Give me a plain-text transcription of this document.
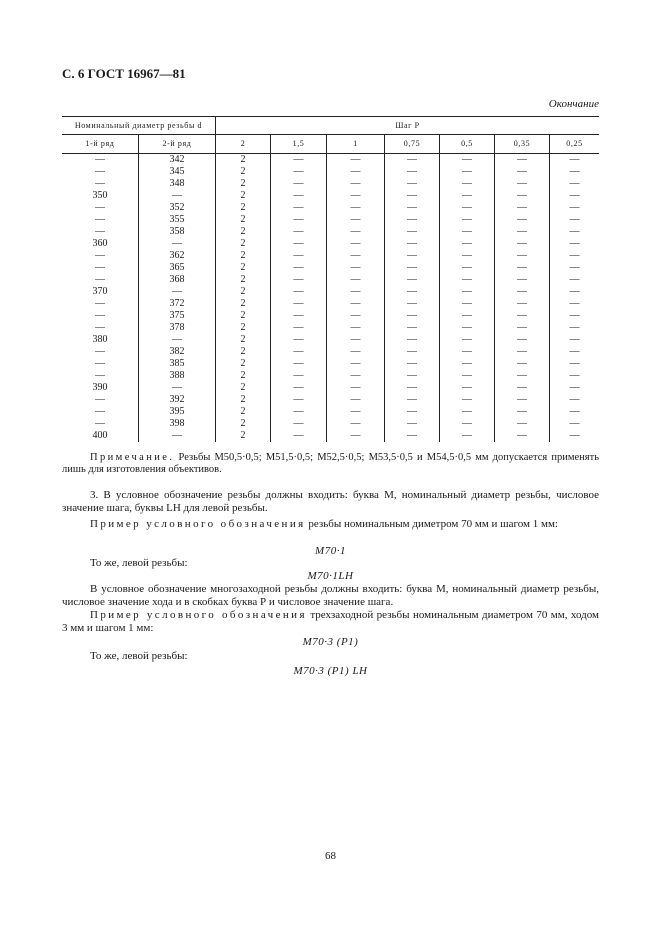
С. 6 ГОСТ 16967—81
Окончание
Номинальный диаметр резьбы d		Шаг P						
1-й ряд	2-й ряд	2	1,5	1	0,75	0,5	0,35	0,25
—	342	2	—	—	—	—	—	—
—	345	2	—	—	—	—	—	—
—	348	2	—	—	—	—	—	—
350	—	2	—	—	—	—	—	—
—	352	2	—	—	—	—	—	—
—	355	2	—	—	—	—	—	—
—	358	2	—	—	—	—	—	—
360	—	2	—	—	—	—	—	—
—	362	2	—	—	—	—	—	—
—	365	2	—	—	—	—	—	—
—	368	2	—	—	—	—	—	—
370	—	2	—	—	—	—	—	—
—	372	2	—	—	—	—	—	—
—	375	2	—	—	—	—	—	—
—	378	2	—	—	—	—	—	—
380	—	2	—	—	—	—	—	—
—	382	2	—	—	—	—	—	—
—	385	2	—	—	—	—	—	—
—	388	2	—	—	—	—	—	—
390	—	2	—	—	—	—	—	—
—	392	2	—	—	—	—	—	—
—	395	2	—	—	—	—	—	—
—	398	2	—	—	—	—	—	—
400	—	2	—	—	—	—	—	—
Примечание. Резьбы М50,5·0,5; М51,5·0,5; М52,5·0,5; М53,5·0,5 и М54,5·0,5 мм допускается применять лишь для изготовления объективов.
3. В условное обозначение резьбы должны входить: буква М, номинальный диаметр резьбы, числовое значение шага, буквы LH для левой резьбы.
Пример условного обозначения резьбы номинальным диметром 70 мм и шагом 1 мм:
М70·1
То же, левой резьбы:
М70·1LH
В условное обозначение многозаходной резьбы должны входить: буква М, номинальный диаметр резьбы, числовое значение хода и в скобках буква Р и числовое значение шага.
Пример условного обозначения трехзаходной резьбы номинальным диаметром 70 мм, ходом 3 мм и шагом 1 мм:
М70·3 (Р1)
То же, левой резьбы:
М70·3 (Р1) LH
68
